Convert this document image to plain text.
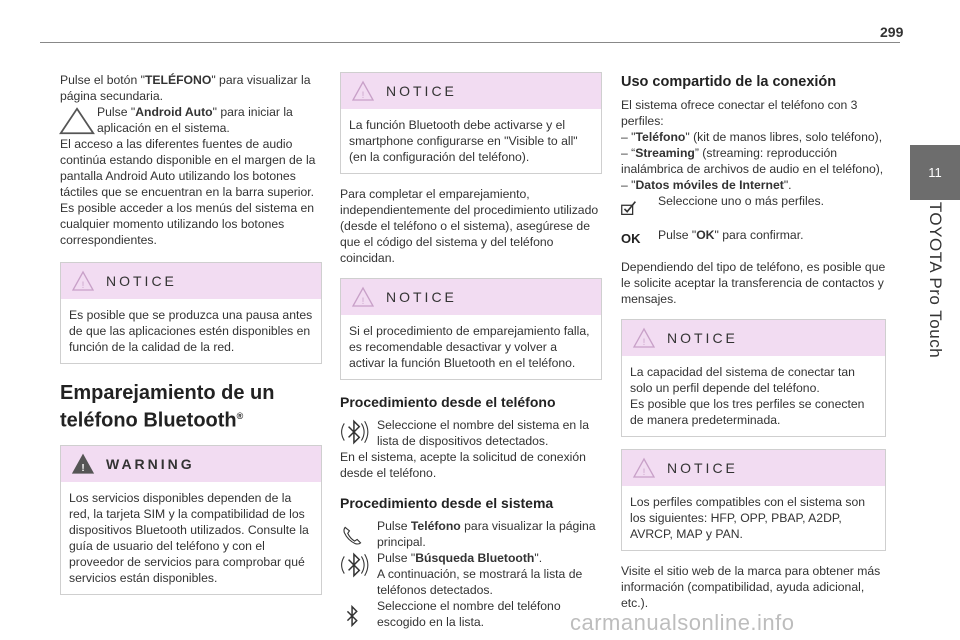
299
11
TOYOTA Pro Touch

Pulse el botón "TELÉFONO" para visualizar la página secundaria.

Pulse "Android Auto" para iniciar la aplicación en el sistema.

El acceso a las diferentes fuentes de audio continúa estando disponible en el margen de la pantalla Android Auto utilizando los botones táctiles que se encuentran en la barra superior.

Es posible acceder a los menús del sistema en cualquier momento utilizando los botones correspondientes.

! NOTICE
Es posible que se produzca una pausa antes de que las aplicaciones estén disponibles en función de la calidad de la red.
Emparejamiento de un teléfono Bluetooth®
! WARNING
Los servicios disponibles dependen de la red, la tarjeta SIM y la compatibilidad de los dispositivos Bluetooth utilizados. Consulte la guía de usuario del teléfono y con el proveedor de servicios para comprobar qué servicios están disponibles.
! NOTICE
La función Bluetooth debe activarse y el smartphone configurarse en "Visible to all" (en la configuración del teléfono).

Para completar el emparejamiento, independientemente del procedimiento utilizado (desde el teléfono o el sistema), asegúrese de que el código del sistema y del teléfono coincidan.

! NOTICE
Si el procedimiento de emparejamiento falla, es recomendable desactivar y volver a activar la función Bluetooth en el teléfono.
Procedimiento desde el teléfono

Seleccione el nombre del sistema en la lista de dispositivos detectados.

En el sistema, acepte la solicitud de conexión desde el teléfono.

Procedimiento desde el sistema

Pulse Teléfono para visualizar la página principal.

Pulse "Búsqueda Bluetooth".

A continuación, se mostrará la lista de teléfonos detectados.

Seleccione el nombre del teléfono escogido en la lista.

Uso compartido de la conexión

El sistema ofrece conectar el teléfono con 3 perfiles:

– "Teléfono" (kit de manos libres, solo teléfono),

– “Streaming” (streaming: reproducción inalámbrica de archivos de audio en el teléfono),

– "Datos móviles de Internet".

Seleccione uno o más perfiles.

OK Pulse "OK" para confirmar.

Dependiendo del tipo de teléfono, es posible que le solicite aceptar la transferencia de contactos y mensajes.

! NOTICE

La capacidad del sistema de conectar tan solo un perfil depende del teléfono.

Es posible que los tres perfiles se conecten de manera predeterminada.

! NOTICE
Los perfiles compatibles con el sistema son los siguientes: HFP, OPP, PBAP, A2DP, AVRCP, MAP y PAN.

Visite el sitio web de la marca para obtener más información (compatibilidad, ayuda adicional, etc.).

carmanualsonline.info
